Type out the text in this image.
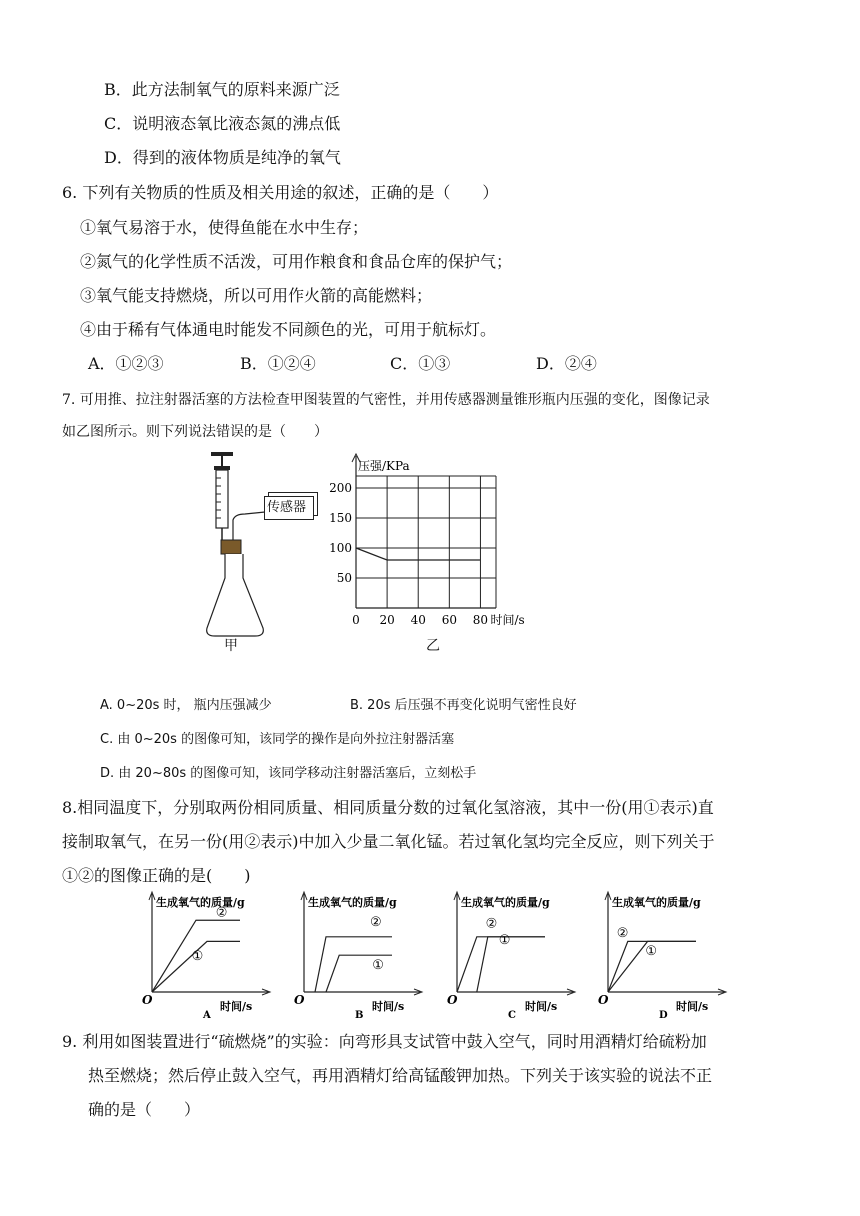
B．此方法制氧气的原料来源广泛
C．说明液态氧比液态氮的沸点低
D．得到的液体物质是纯净的氧气
6. 下列有关物质的性质及相关用途的叙述，正确的是（　　）
①氧气易溶于水，使得鱼能在水中生存；
②氮气的化学性质不活泼，可用作粮食和食品仓库的保护气；
③氧气能支持燃烧，所以可用作火箭的高能燃料；
④由于稀有气体通电时能发不同颜色的光，可用于航标灯。
A．①②③	B．①②④	C．①③	D．②④
7. 可用推、拉注射器活塞的方法检查甲图装置的气密性，并用传感器测量锥形瓶内压强的变化，图像记录
如乙图所示。则下列说法错误的是（　　）
传感器
甲
压强/KPa
50
100
150
200
0 20 40 60 80 时间/s
乙
A. 0~20s 时， 瓶内压强减少	B. 20s 后压强不再变化说明气密性良好
C. 由 0~20s 的图像可知，该同学的操作是向外拉注射器活塞
D. 由 20~80s 的图像可知，该同学移动注射器活塞后，立刻松手
8.相同温度下，分别取两份相同质量、相同质量分数的过氧化氢溶液，其中一份(用①表示)直
接制取氧气，在另一份(用②表示)中加入少量二氧化锰。若过氧化氢均完全反应，则下列关于
①②的图像正确的是(　　)
生成氧气的质量/g
时间/s
O
A
①
②
生成氧气的质量/g
时间/s
O
B
①
②
生成氧气的质量/g
时间/s
O
C
①
②
生成氧气的质量/g
时间/s
O
D
①
②
9. 利用如图装置进行“硫燃烧”的实验：向弯形具支试管中鼓入空气，同时用酒精灯给硫粉加
热至燃烧；然后停止鼓入空气，再用酒精灯给高锰酸钾加热。下列关于该实验的说法不正
确的是（　　）
